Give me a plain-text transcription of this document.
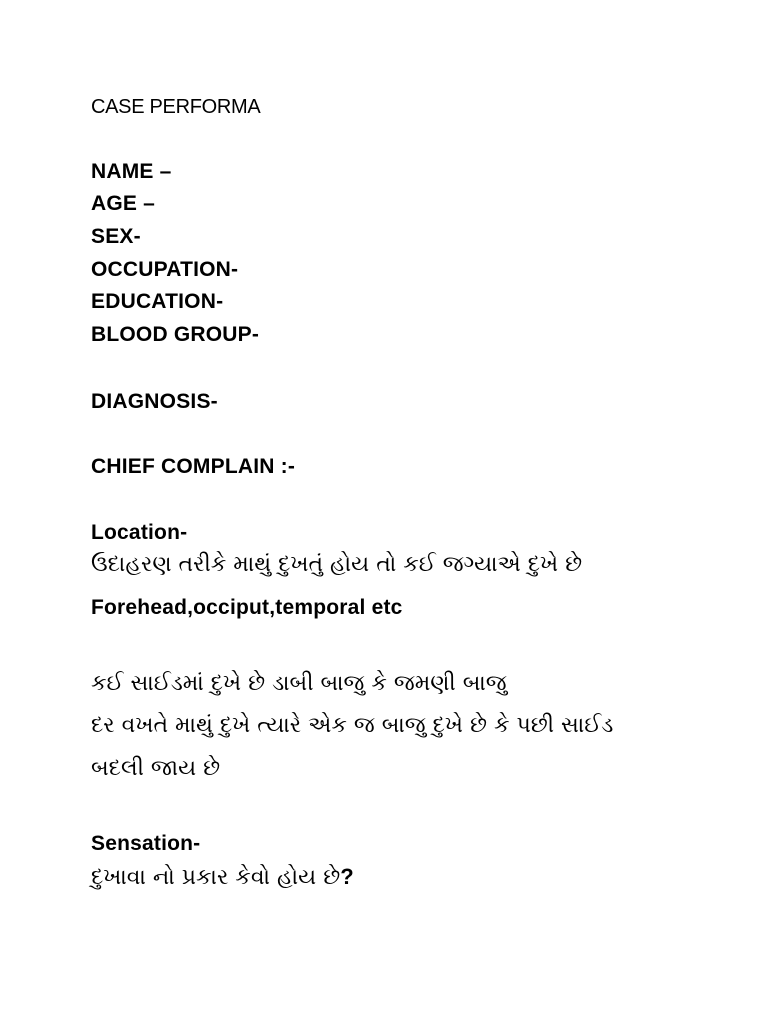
CASE PERFORMA
NAME –
AGE –
SEX-
OCCUPATION-
EDUCATION-
BLOOD GROUP-
DIAGNOSIS-
CHIEF COMPLAIN :-
Location-
ઉદાહરણ તરીકે માથું દુખતું હોય તો કઈ જગ્યાએ દુખે છે
Forehead,occiput,temporal etc
કઈ સાઈડમાં દુખે છે ડાબી બાજુ કે જમણી બાજુ
દર વખતે માથું દુખે ત્યારે એક જ બાજુ દુખે છે કે પછી સાઈડ
બદલી જાય છે
Sensation-
દુખાવા નો પ્રકાર કેવો હોય છે?
